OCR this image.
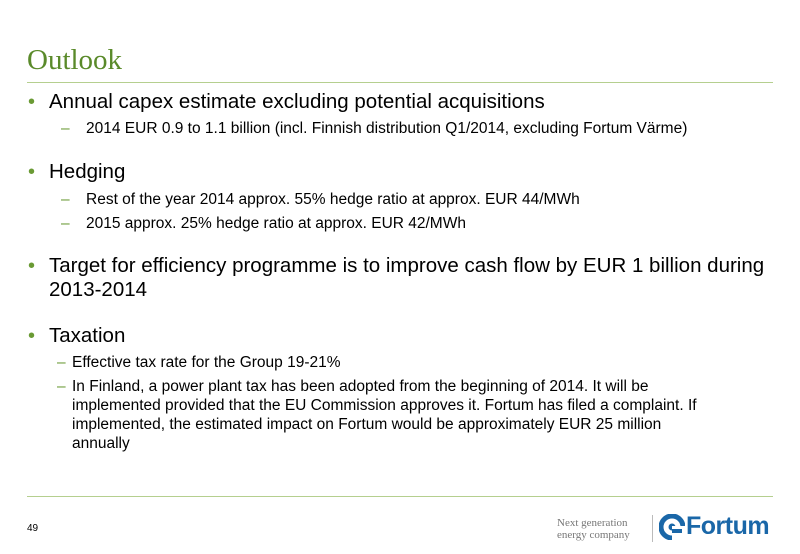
Outlook
• Annual capex estimate excluding potential acquisitions
– 2014 EUR 0.9 to 1.1 billion (incl. Finnish distribution Q1/2014, excluding Fortum Värme)
• Hedging
– Rest of the year 2014 approx. 55% hedge ratio at approx. EUR 44/MWh
– 2015 approx. 25% hedge ratio at approx. EUR 42/MWh
• Target for efficiency programme is to improve cash flow by EUR 1 billion during 2013-2014
• Taxation
– Effective tax rate for the Group 19-21%
– In Finland, a power plant tax has been adopted from the beginning of 2014. It will be implemented provided that the EU Commission approves it. Fortum has filed a complaint. If implemented, the estimated impact on Fortum would be approximately EUR 25 million annually
49	Next generation
energy company Fortum
